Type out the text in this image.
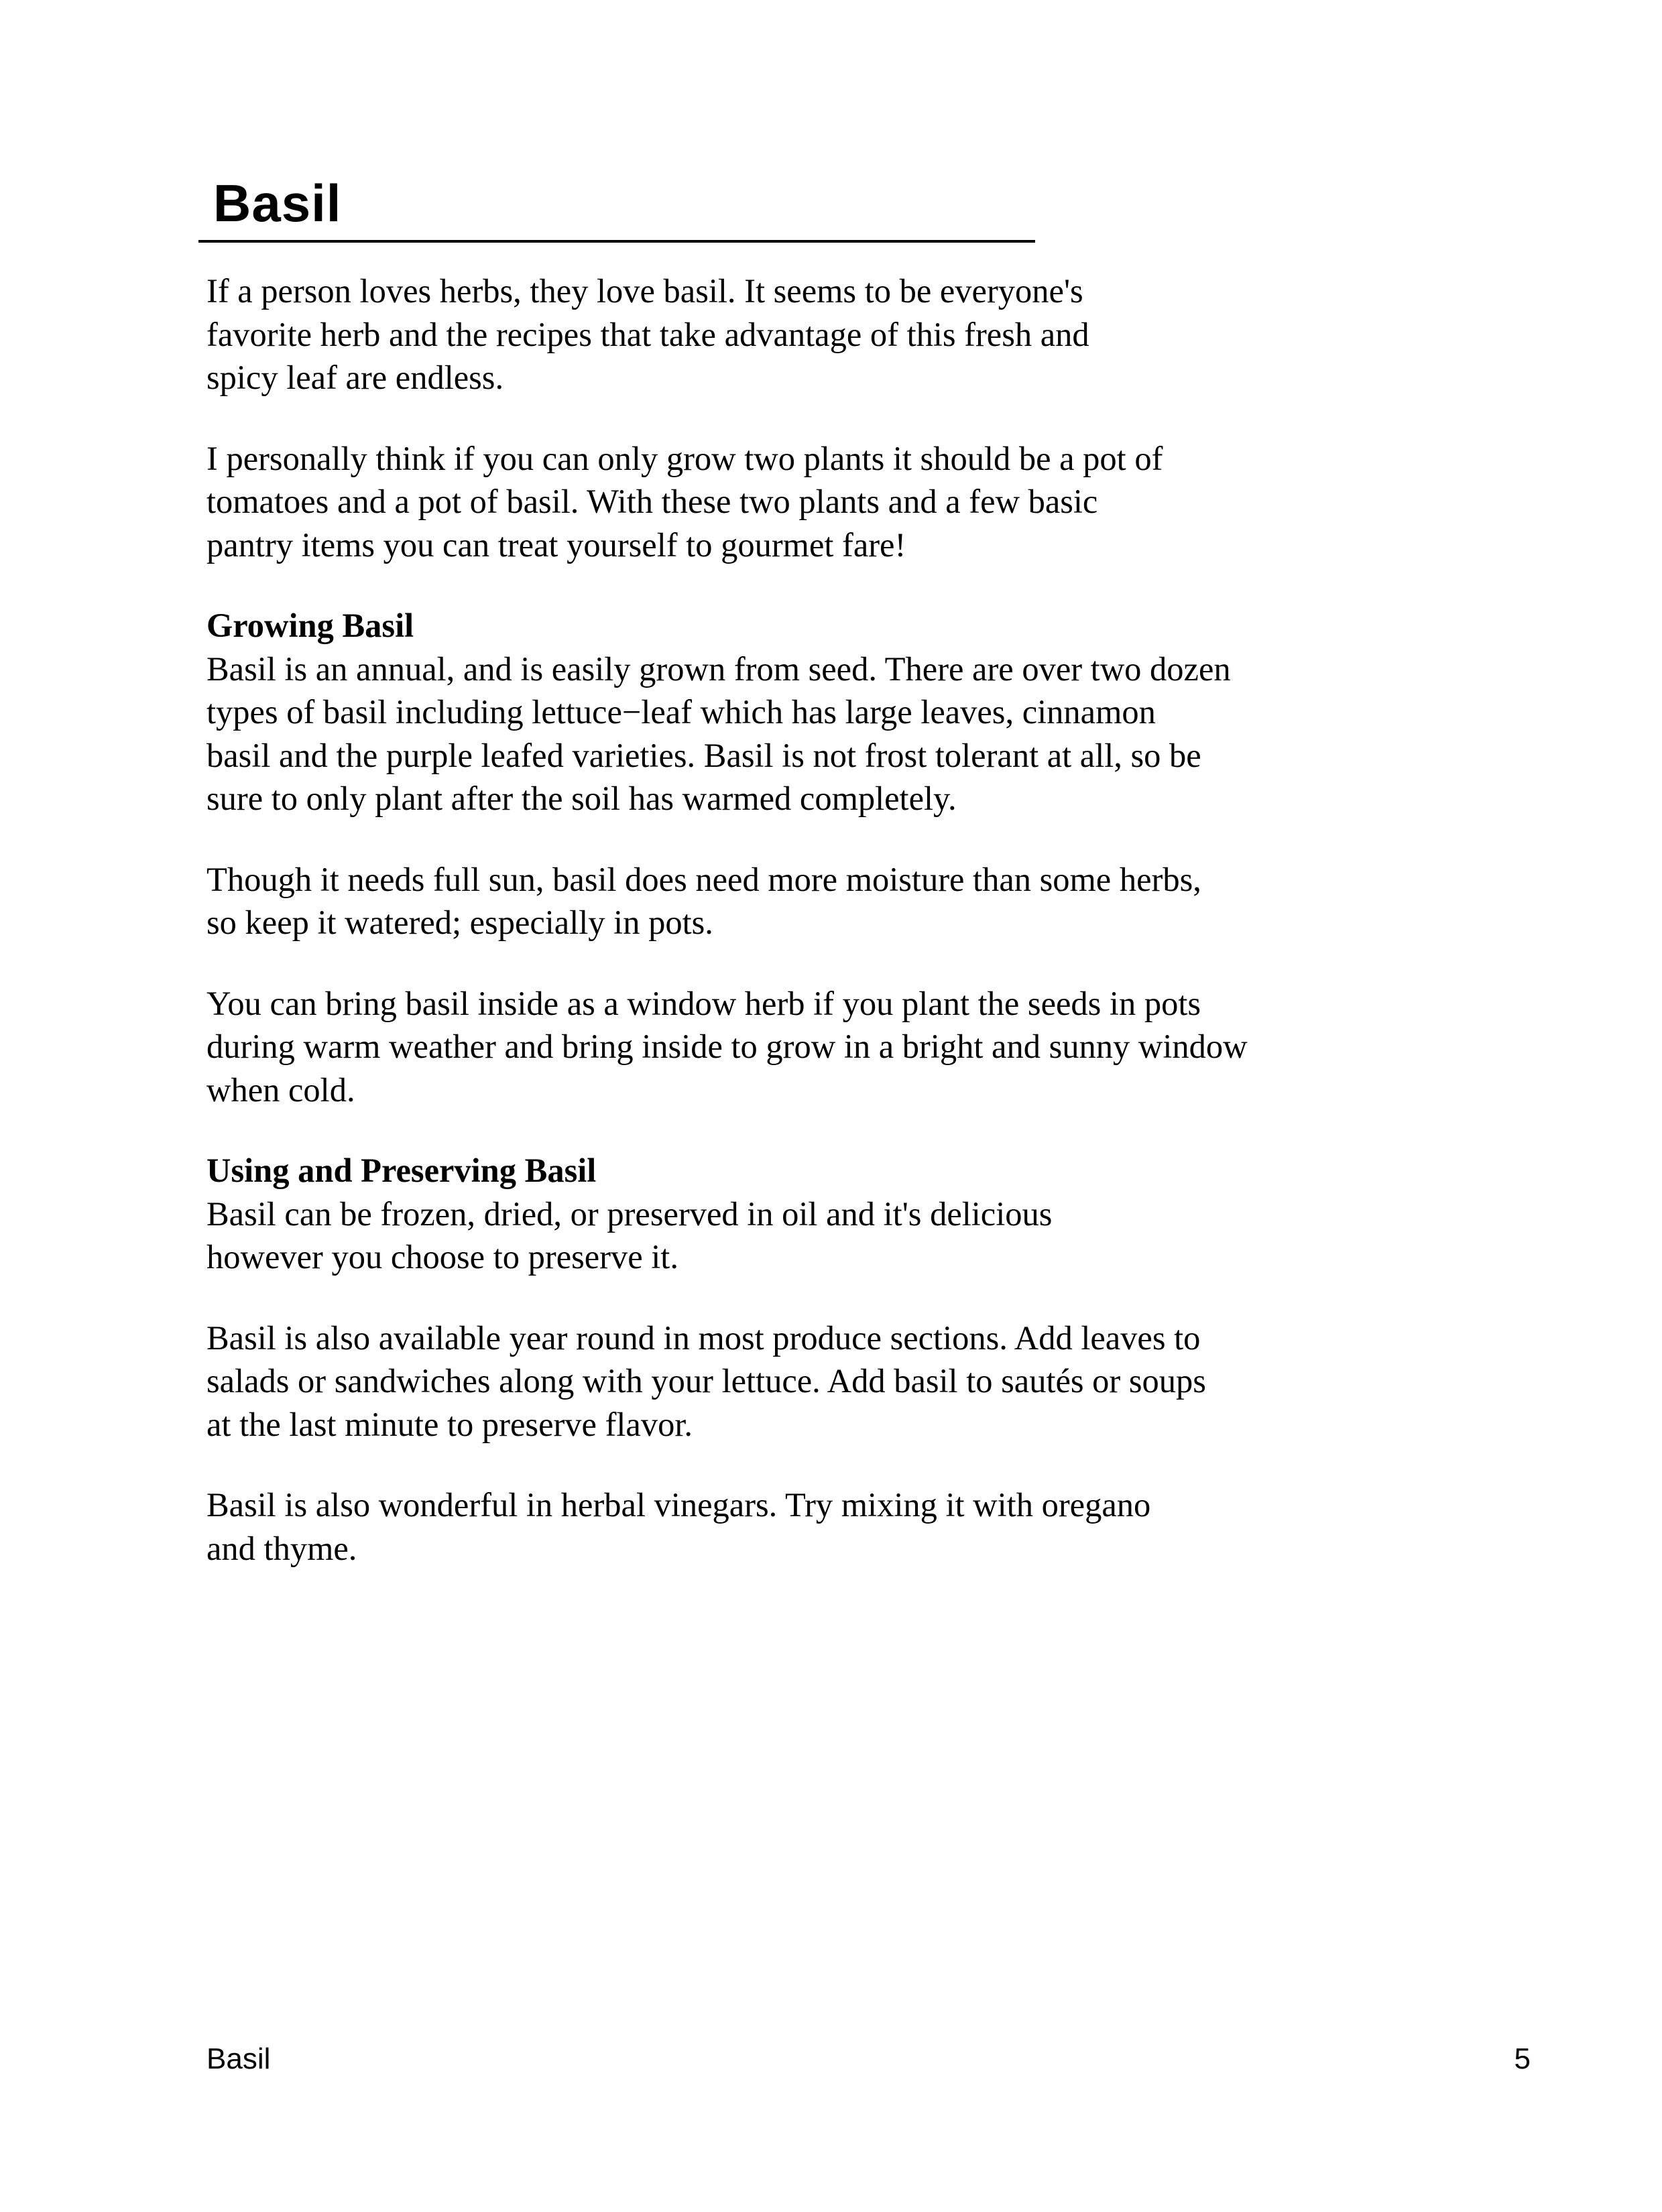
Basil

If a person loves herbs, they love basil. It seems to be everyone's
favorite herb and the recipes that take advantage of this fresh and
spicy leaf are endless.

I personally think if you can only grow two plants it should be a pot of
tomatoes and a pot of basil. With these two plants and a few basic
pantry items you can treat yourself to gourmet fare!

Growing Basil

Basil is an annual, and is easily grown from seed. There are over two dozen
types of basil including lettuce−leaf which has large leaves, cinnamon
basil and the purple leafed varieties. Basil is not frost tolerant at all, so be
sure to only plant after the soil has warmed completely.

Though it needs full sun, basil does need more moisture than some herbs,
so keep it watered; especially in pots.

You can bring basil inside as a window herb if you plant the seeds in pots
during warm weather and bring inside to grow in a bright and sunny window
when cold.

Using and Preserving Basil

Basil can be frozen, dried, or preserved in oil and it's delicious
however you choose to preserve it.

Basil is also available year round in most produce sections. Add leaves to
salads or sandwiches along with your lettuce. Add basil to sautés or soups
at the last minute to preserve flavor.

Basil is also wonderful in herbal vinegars. Try mixing it with oregano
and thyme.

Basil	5
